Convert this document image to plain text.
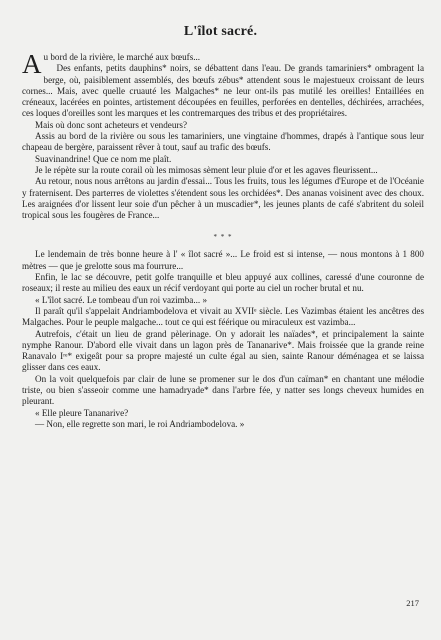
L'îlot sacré.

Au bord de la rivière, le marché aux bœufs...

Des enfants, petits dauphins* noirs, se débattent dans l'eau. De grands tamariniers* ombragent la berge, où, paisiblement assemblés, des bœufs zébus* attendent sous le majestueux croissant de leurs cornes... Mais, avec quelle cruauté les Malgaches* ne leur ont-ils pas mutilé les oreilles! Entaillées en créneaux, lacérées en pointes, artistement découpées en feuilles, perforées en dentelles, déchirées, arrachées, ces loques d'oreilles sont les marques et les contremarques des tribus et des propriétaires.

Mais où donc sont acheteurs et vendeurs?

Assis au bord de la rivière ou sous les tamariniers, une vingtaine d'hommes, drapés à l'antique sous leur chapeau de bergère, paraissent rêver à tout, sauf au trafic des bœufs.

Suavinandrine! Que ce nom me plaît.

Je le répète sur la route corail où les mimosas sèment leur pluie d'or et les agaves fleurissent...

Au retour, nous nous arrêtons au jardin d'essai... Tous les fruits, tous les légumes d'Europe et de l'Océanie y fraternisent. Des parterres de violettes s'étendent sous les orchidées*. Des ananas voisinent avec des choux. Les araignées d'or lissent leur soie d'un pêcher à un muscadier*, les jeunes plants de café s'abritent du soleil tropical sous les fougères de France...

* * *

Le lendemain de très bonne heure à l' « îlot sacré »... Le froid est si intense, — nous montons à 1 800 mètres — que je grelotte sous ma fourrure...

Enfin, le lac se découvre, petit golfe tranquille et bleu appuyé aux collines, caressé d'une couronne de roseaux; il reste au milieu des eaux un récif verdoyant qui porte au ciel un rocher brutal et nu.

« L'îlot sacré. Le tombeau d'un roi vazimba... »

Il paraît qu'il s'appelait Andriambodelova et vivait au XVIIᵉ siècle. Les Vazimbas étaient les ancêtres des Malgaches. Pour le peuple malgache... tout ce qui est féérique ou miraculeux est vazimba...

Autrefois, c'était un lieu de grand pèlerinage. On y adorait les naïades*, et principalement la sainte nymphe Ranour. D'abord elle vivait dans un lagon près de Tananarive*. Mais froissée que la grande reine Ranavalo Iʳᵉ* exigeât pour sa propre majesté un culte égal au sien, sainte Ranour déménagea et se laissa glisser dans ces eaux.

On la voit quelquefois par clair de lune se promener sur le dos d'un caïman* en chantant une mélodie triste, ou bien s'asseoir comme une hamadryade* dans l'arbre fée, y natter ses longs cheveux humides en pleurant.

« Elle pleure Tananarive?

— Non, elle regrette son mari, le roi Andriambodelova. »

217
